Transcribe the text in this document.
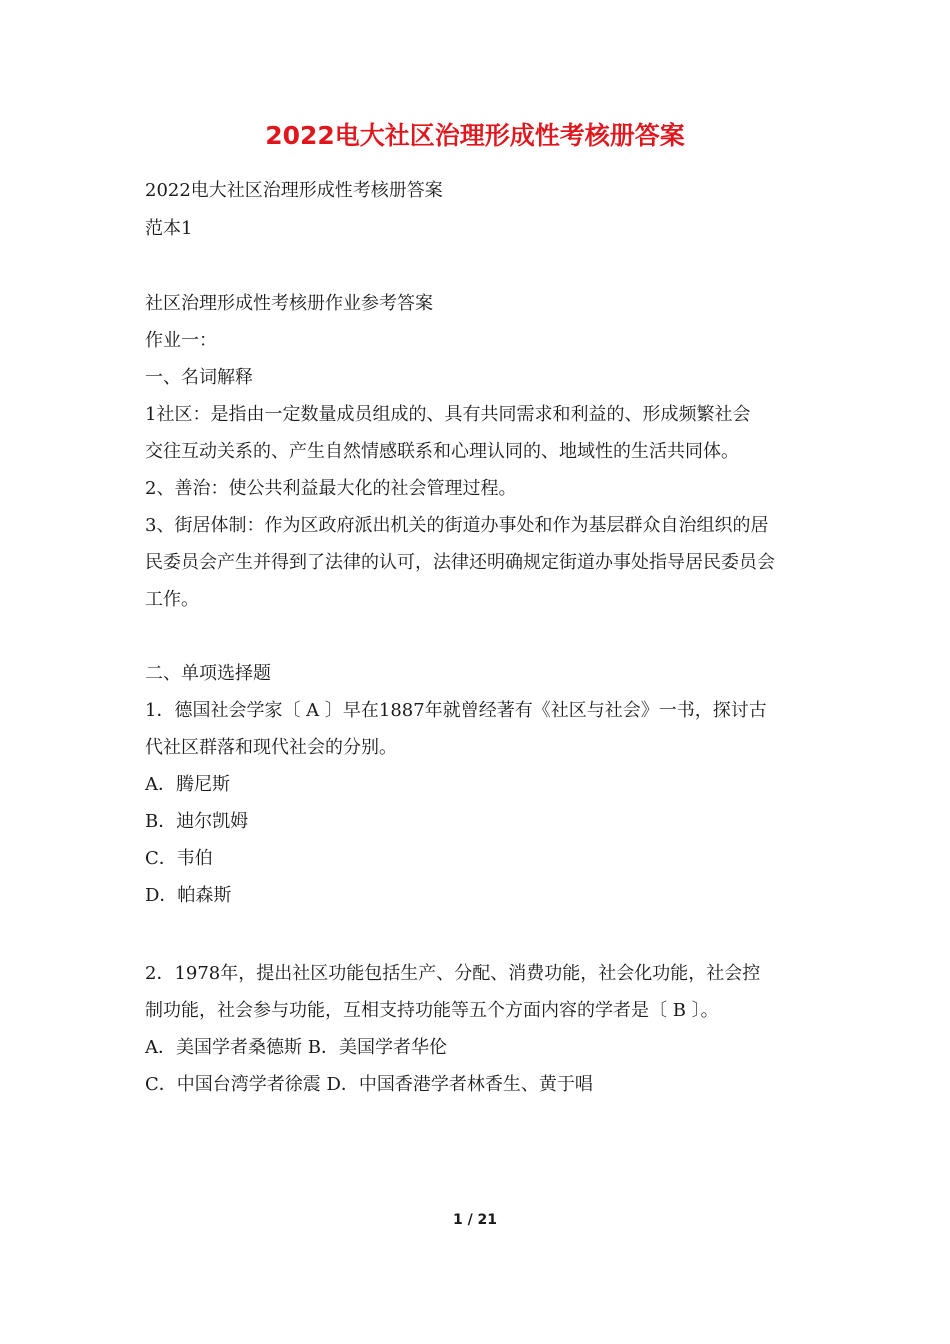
2022电大社区治理形成性考核册答案
2022电大社区治理形成性考核册答案
范本1
社区治理形成性考核册作业参考答案
作业一：
一、名词解释
1社区：是指由一定数量成员组成的、具有共同需求和利益的、形成频繁社会
交往互动关系的、产生自然情感联系和心理认同的、地域性的生活共同体。
2、善治：使公共利益最大化的社会管理过程。
3、街居体制：作为区政府派出机关的街道办事处和作为基层群众自治组织的居
民委员会产生并得到了法律的认可，法律还明确规定街道办事处指导居民委员会
工作。
二、单项选择题
1．德国社会学家〔 A 〕早在1887年就曾经著有《社区与社会》一书，探讨古
代社区群落和现代社会的分别。
A．腾尼斯
B．迪尔凯姆
C．韦伯
D．帕森斯
2．1978年，提出社区功能包括生产、分配、消费功能，社会化功能，社会控
制功能，社会参与功能，互相支持功能等五个方面内容的学者是〔 B 〕。
A．美国学者桑德斯 B．美国学者华伦
C．中国台湾学者徐震 D．中国香港学者林香生、黄于唱
1 / 21
